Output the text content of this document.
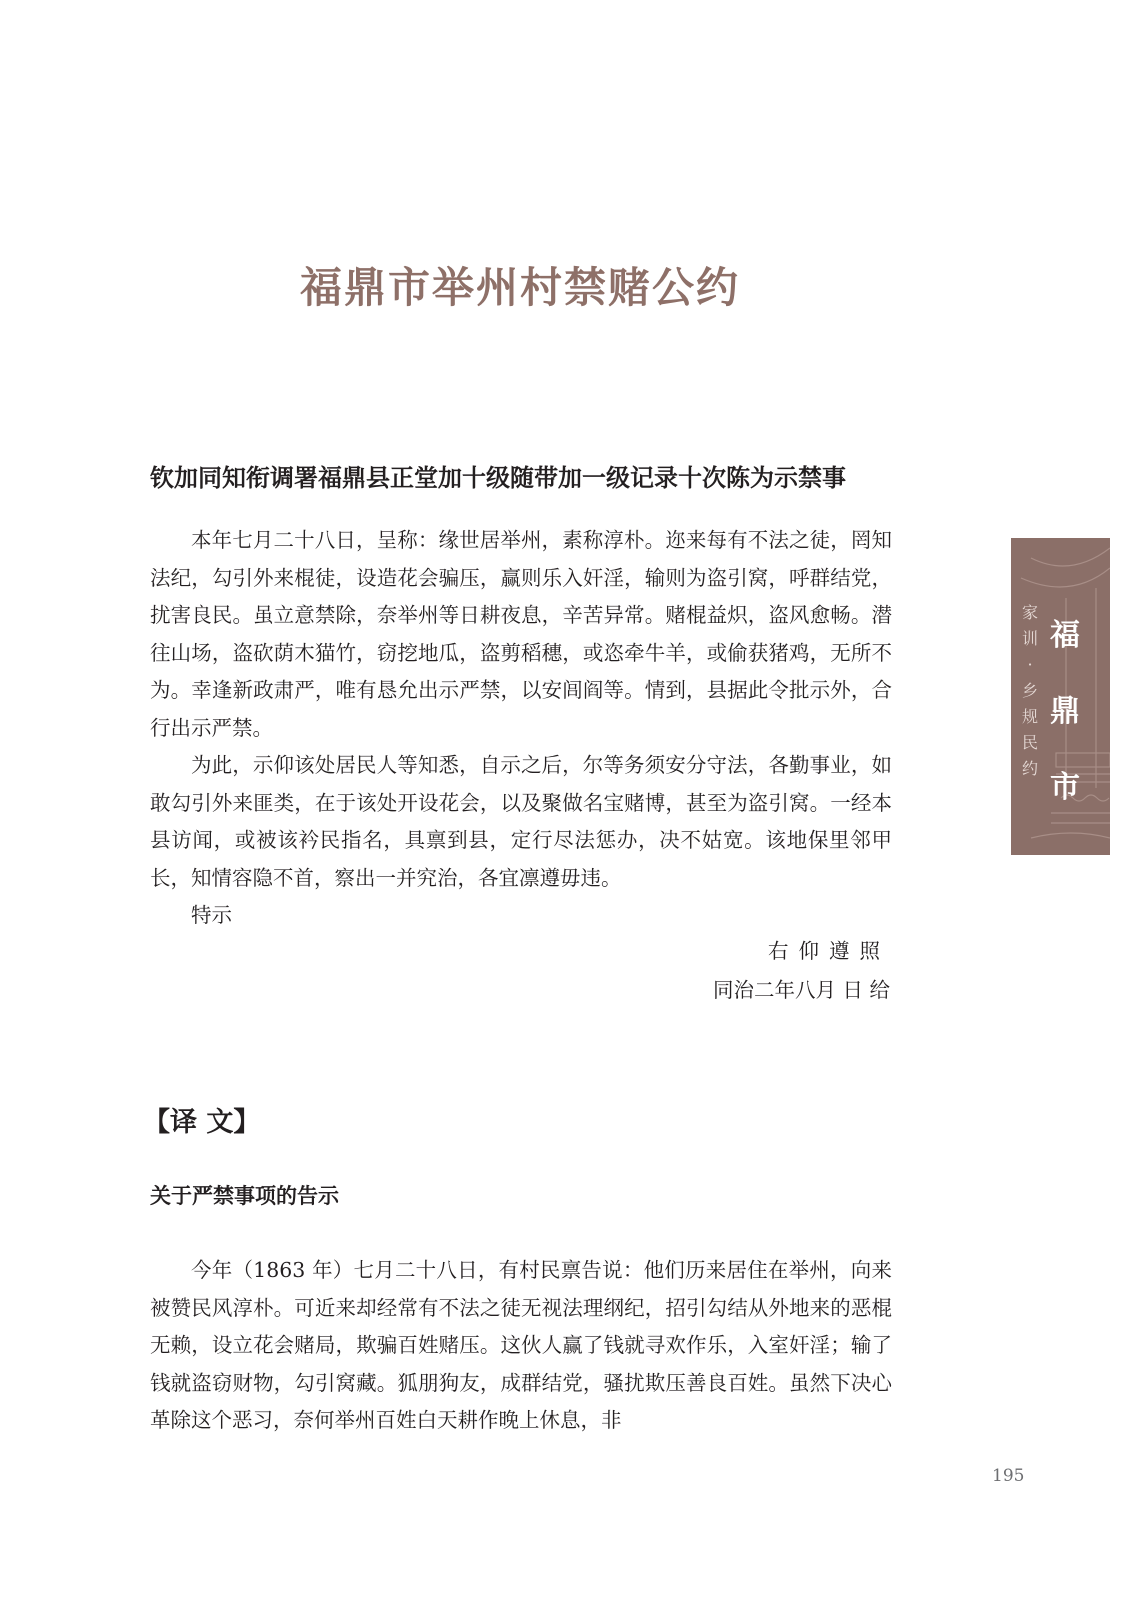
福鼎市举州村禁赌公约
钦加同知衔调署福鼎县正堂加十级随带加一级记录十次陈为示禁事

本年七月二十八日，呈称：缘世居举州，素称淳朴。迩来每有不法之徒，罔知法纪，勾引外来棍徒，设造花会骗压，赢则乐入奸淫，输则为盗引窝，呼群结党，扰害良民。虽立意禁除，奈举州等日耕夜息，辛苦异常。赌棍益炽，盗风愈畅。潜往山场，盗砍荫木猫竹，窃挖地瓜，盗剪稻穗，或恣牵牛羊，或偷获猪鸡，无所不为。幸逢新政肃严，唯有恳允出示严禁，以安闾阎等。情到，县据此令批示外，合行出示严禁。

为此，示仰该处居民人等知悉，自示之后，尔等务须安分守法，各勤事业，如敢勾引外来匪类，在于该处开设花会，以及聚做名宝赌博，甚至为盗引窝。一经本县访闻，或被该衿民指名，具禀到县，定行尽法惩办，决不姑宽。该地保里邻甲长，知情容隐不首，察出一并究治，各宜凛遵毋违。

特示

右仰遵照
同治二年八月 日 给
【译 文】
关于严禁事项的告示

今年（1863 年）七月二十八日，有村民禀告说：他们历来居住在举州，向来被赞民风淳朴。可近来却经常有不法之徒无视法理纲纪，招引勾结从外地来的恶棍无赖，设立花会赌局，欺骗百姓赌压。这伙人赢了钱就寻欢作乐，入室奸淫；输了钱就盗窃财物，勾引窝藏。狐朋狗友，成群结党，骚扰欺压善良百姓。虽然下决心革除这个恶习，奈何举州百姓白天耕作晚上休息，非

福
鼎
市
家
训
·
乡
规
民
约
195
